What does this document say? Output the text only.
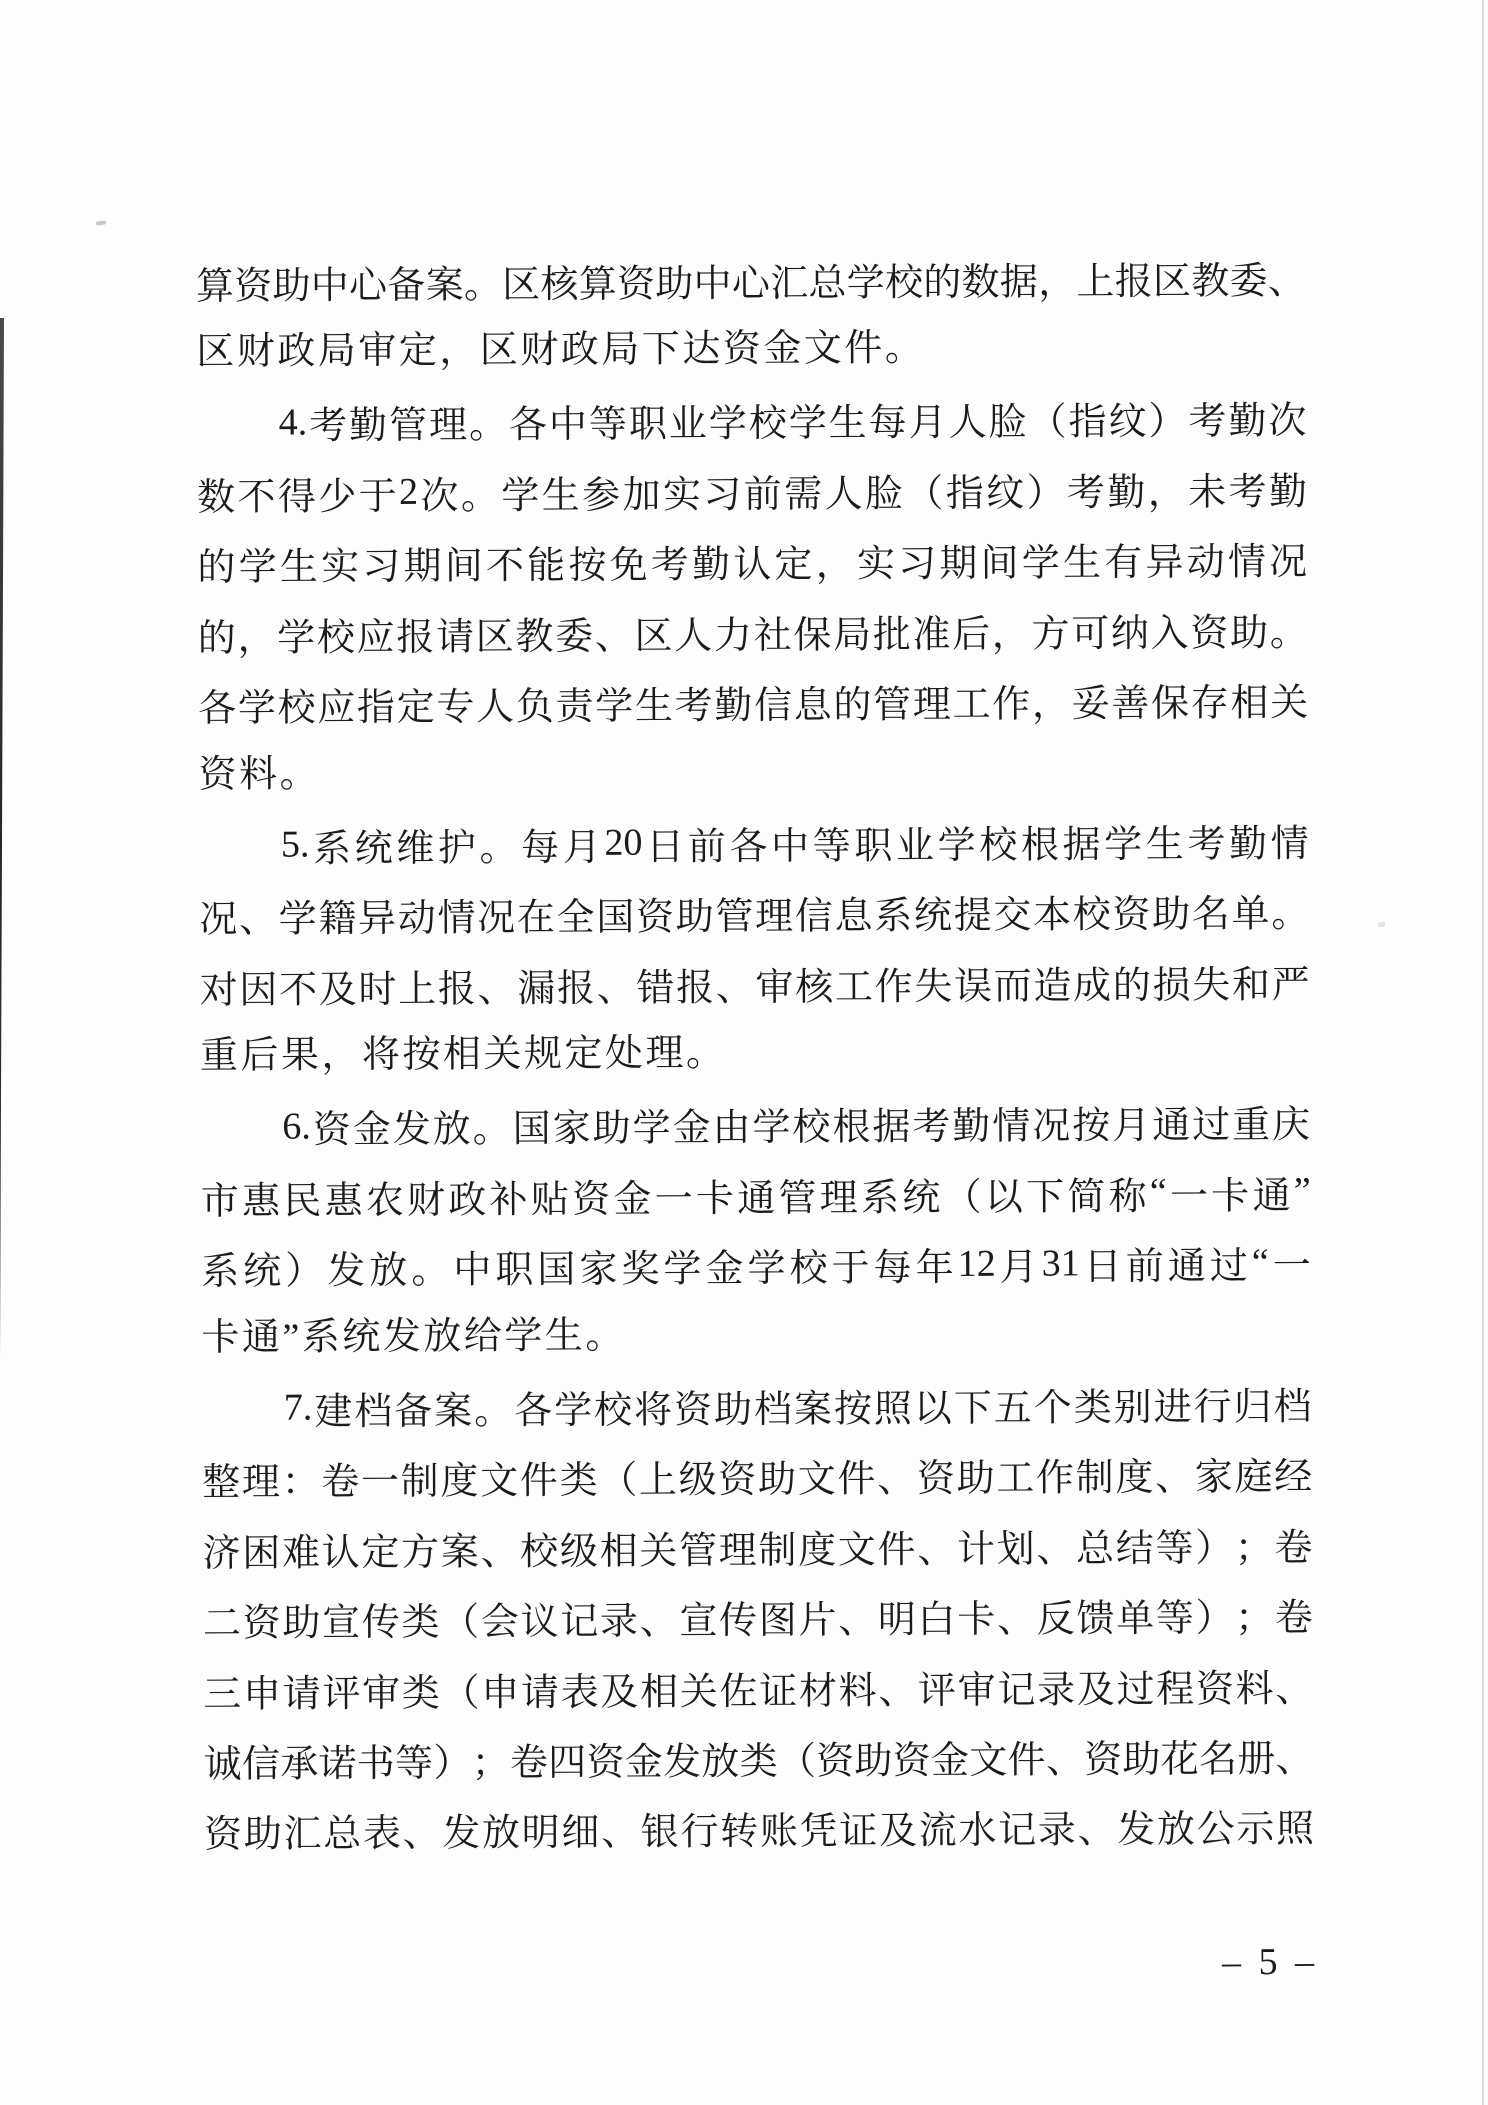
算 资 助 中 心 备 案 。 区 核 算 资 助 中 心 汇 总 学 校 的 数 据 ， 上 报 区 教 委 、
区财政局审定，区财政局下达资金文件。
4. 考 勤 管 理 。 各 中 等 职 业 学 校 学 生 每 月 人 脸 （ 指 纹 ） 考 勤 次
数 不 得 少 于 2 次 。 学 生 参 加 实 习 前 需 人 脸 （ 指 纹 ） 考 勤 ， 未 考 勤
的 学 生 实 习 期 间 不 能 按 免 考 勤 认 定 ， 实 习 期 间 学 生 有 异 动 情 况
的 ， 学 校 应 报 请 区 教 委 、 区 人 力 社 保 局 批 准 后 ， 方 可 纳 入 资 助 。
各 学 校 应 指 定 专 人 负 责 学 生 考 勤 信 息 的 管 理 工 作 ， 妥 善 保 存 相 关
资料。
5. 系 统 维 护 。 每 月 20 日 前 各 中 等 职 业 学 校 根 据 学 生 考 勤 情
况 、 学 籍 异 动 情 况 在 全 国 资 助 管 理 信 息 系 统 提 交 本 校 资 助 名 单 。
对 因 不 及 时 上 报 、 漏 报 、 错 报 、 审 核 工 作 失 误 而 造 成 的 损 失 和 严
重后果，将按相关规定处理。
6. 资 金 发 放 。 国 家 助 学 金 由 学 校 根 据 考 勤 情 况 按 月 通 过 重 庆
市 惠 民 惠 农 财 政 补 贴 资 金 一 卡 通 管 理 系 统 （ 以 下 简 称 “ 一 卡 通 ”
系 统 ） 发 放 。 中 职 国 家 奖 学 金 学 校 于 每 年 12 月 31 日 前 通 过 “ 一
卡通”系统发放给学生。
7. 建 档 备 案 。 各 学 校 将 资 助 档 案 按 照 以 下 五 个 类 别 进 行 归 档
整 理 ： 卷 一 制 度 文 件 类 （ 上 级 资 助 文 件 、 资 助 工 作 制 度 、 家 庭 经
济 困 难 认 定 方 案 、 校 级 相 关 管 理 制 度 文 件 、 计 划 、 总 结 等 ） ； 卷
二 资 助 宣 传 类 （ 会 议 记 录 、 宣 传 图 片 、 明 白 卡 、 反 馈 单 等 ） ； 卷
三 申 请 评 审 类 （ 申 请 表 及 相 关 佐 证 材 料 、 评 审 记 录 及 过 程 资 料 、
诚 信 承 诺 书 等 ） ； 卷 四 资 金 发 放 类 （ 资 助 资 金 文 件 、 资 助 花 名 册 、
资 助 汇 总 表 、 发 放 明 细 、 银 行 转 账 凭 证 及 流 水 记 录 、 发 放 公 示 照
– 5 –
